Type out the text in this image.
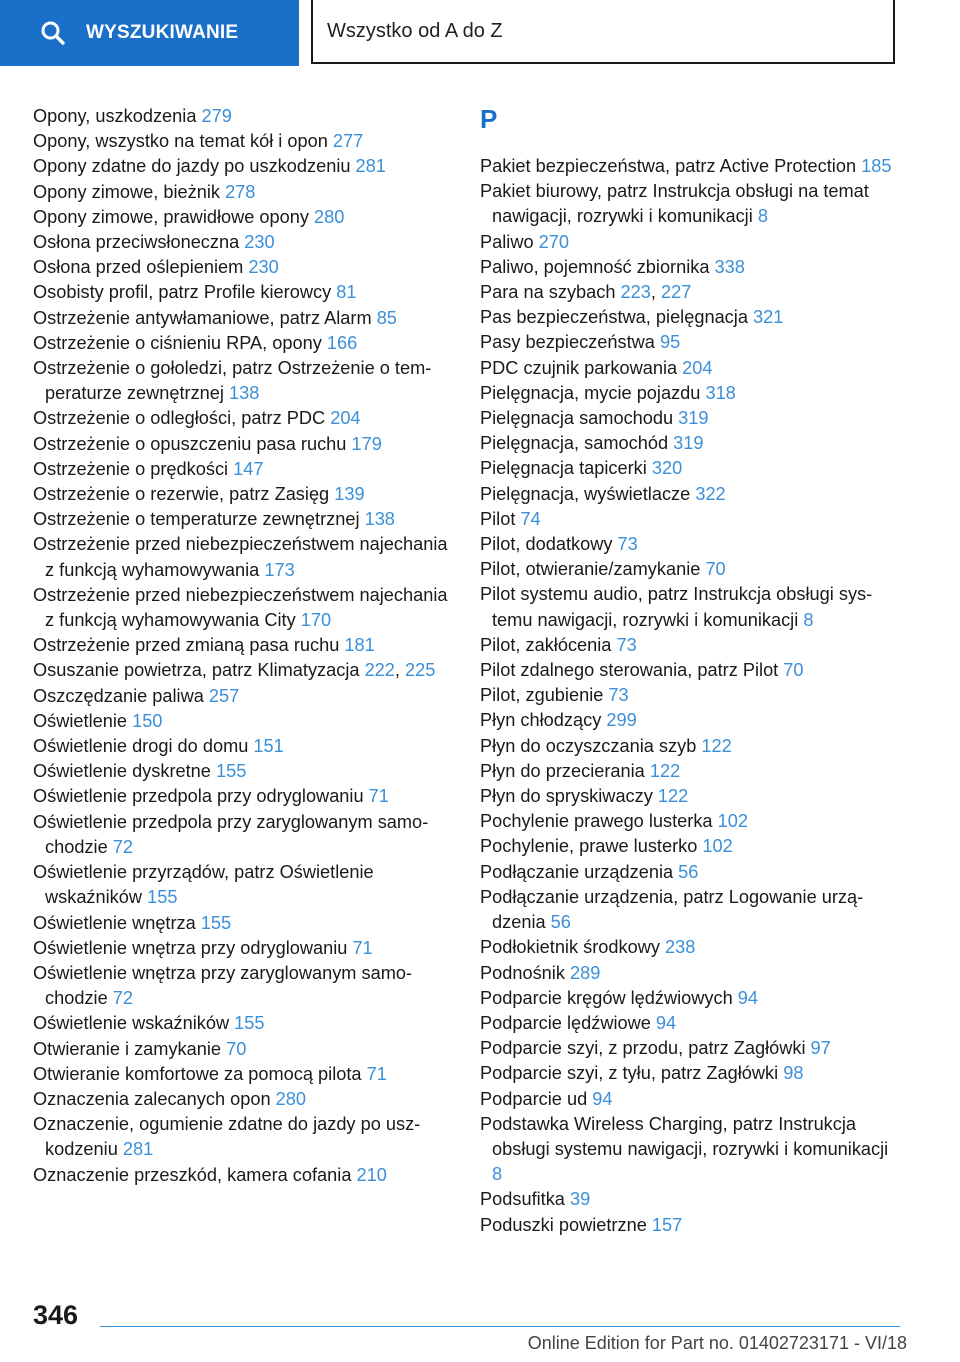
WYSZUKIWANIE	Wszystko od A do Z
Opony, uszkodzenia 279
Opony, wszystko na temat kół i opon 277
Opony zdatne do jazdy po uszkodzeniu 281
Opony zimowe, bieżnik 278
Opony zimowe, prawidłowe opony 280
Osłona przeciwsłoneczna 230
Osłona przed oślepieniem 230
Osobisty profil, patrz Profile kierowcy 81
Ostrzeżenie antywłamaniowe, patrz Alarm 85
Ostrzeżenie o ciśnieniu RPA, opony 166
Ostrzeżenie o gołoledzi, patrz Ostrzeżenie o temperaturze zewnętrznej 138
Ostrzeżenie o odległości, patrz PDC 204
Ostrzeżenie o opuszczeniu pasa ruchu 179
Ostrzeżenie o prędkości 147
Ostrzeżenie o rezerwie, patrz Zasięg 139
Ostrzeżenie o temperaturze zewnętrznej 138
Ostrzeżenie przed niebezpieczeństwem najechania z funkcją wyhamowywania 173
Ostrzeżenie przed niebezpieczeństwem najechania z funkcją wyhamowywania City 170
Ostrzeżenie przed zmianą pasa ruchu 181
Osuszanie powietrza, patrz Klimatyzacja 222, 225
Oszczędzanie paliwa 257
Oświetlenie 150
Oświetlenie drogi do domu 151
Oświetlenie dyskretne 155
Oświetlenie przedpola przy odryglowaniu 71
Oświetlenie przedpola przy zaryglowanym samochodzie 72
Oświetlenie przyrządów, patrz Oświetlenie wskaźników 155
Oświetlenie wnętrza 155
Oświetlenie wnętrza przy odryglowaniu 71
Oświetlenie wnętrza przy zaryglowanym samochodzie 72
Oświetlenie wskaźników 155
Otwieranie i zamykanie 70
Otwieranie komfortowe za pomocą pilota 71
Oznaczenia zalecanych opon 280
Oznaczenie, ogumienie zdatne do jazdy po uszkodzeniu 281
Oznaczenie przeszkód, kamera cofania 210
P
Pakiet bezpieczeństwa, patrz Active Protection 185
Pakiet biurowy, patrz Instrukcja obsługi na temat nawigacji, rozrywki i komunikacji 8
Paliwo 270
Paliwo, pojemność zbiornika 338
Para na szybach 223, 227
Pas bezpieczeństwa, pielęgnacja 321
Pasy bezpieczeństwa 95
PDC czujnik parkowania 204
Pielęgnacja, mycie pojazdu 318
Pielęgnacja samochodu 319
Pielęgnacja, samochód 319
Pielęgnacja tapicerki 320
Pielęgnacja, wyświetlacze 322
Pilot 74
Pilot, dodatkowy 73
Pilot, otwieranie/zamykanie 70
Pilot systemu audio, patrz Instrukcja obsługi systemu nawigacji, rozrywki i komunikacji 8
Pilot, zakłócenia 73
Pilot zdalnego sterowania, patrz Pilot 70
Pilot, zgubienie 73
Płyn chłodzący 299
Płyn do oczyszczania szyb 122
Płyn do przecierania 122
Płyn do spryskiwaczy 122
Pochylenie prawego lusterka 102
Pochylenie, prawe lusterko 102
Podłączanie urządzenia 56
Podłączanie urządzenia, patrz Logowanie urządzenia 56
Podłokietnik środkowy 238
Podnośnik 289
Podparcie kręgów lędźwiowych 94
Podparcie lędźwiowe 94
Podparcie szyi, z przodu, patrz Zagłówki 97
Podparcie szyi, z tyłu, patrz Zagłówki 98
Podparcie ud 94
Podstawka Wireless Charging, patrz Instrukcja obsługi systemu nawigacji, rozrywki i komunikacji 8
Podsufitka 39
Poduszki powietrzne 157
346
Online Edition for Part no. 01402723171 - VI/18
